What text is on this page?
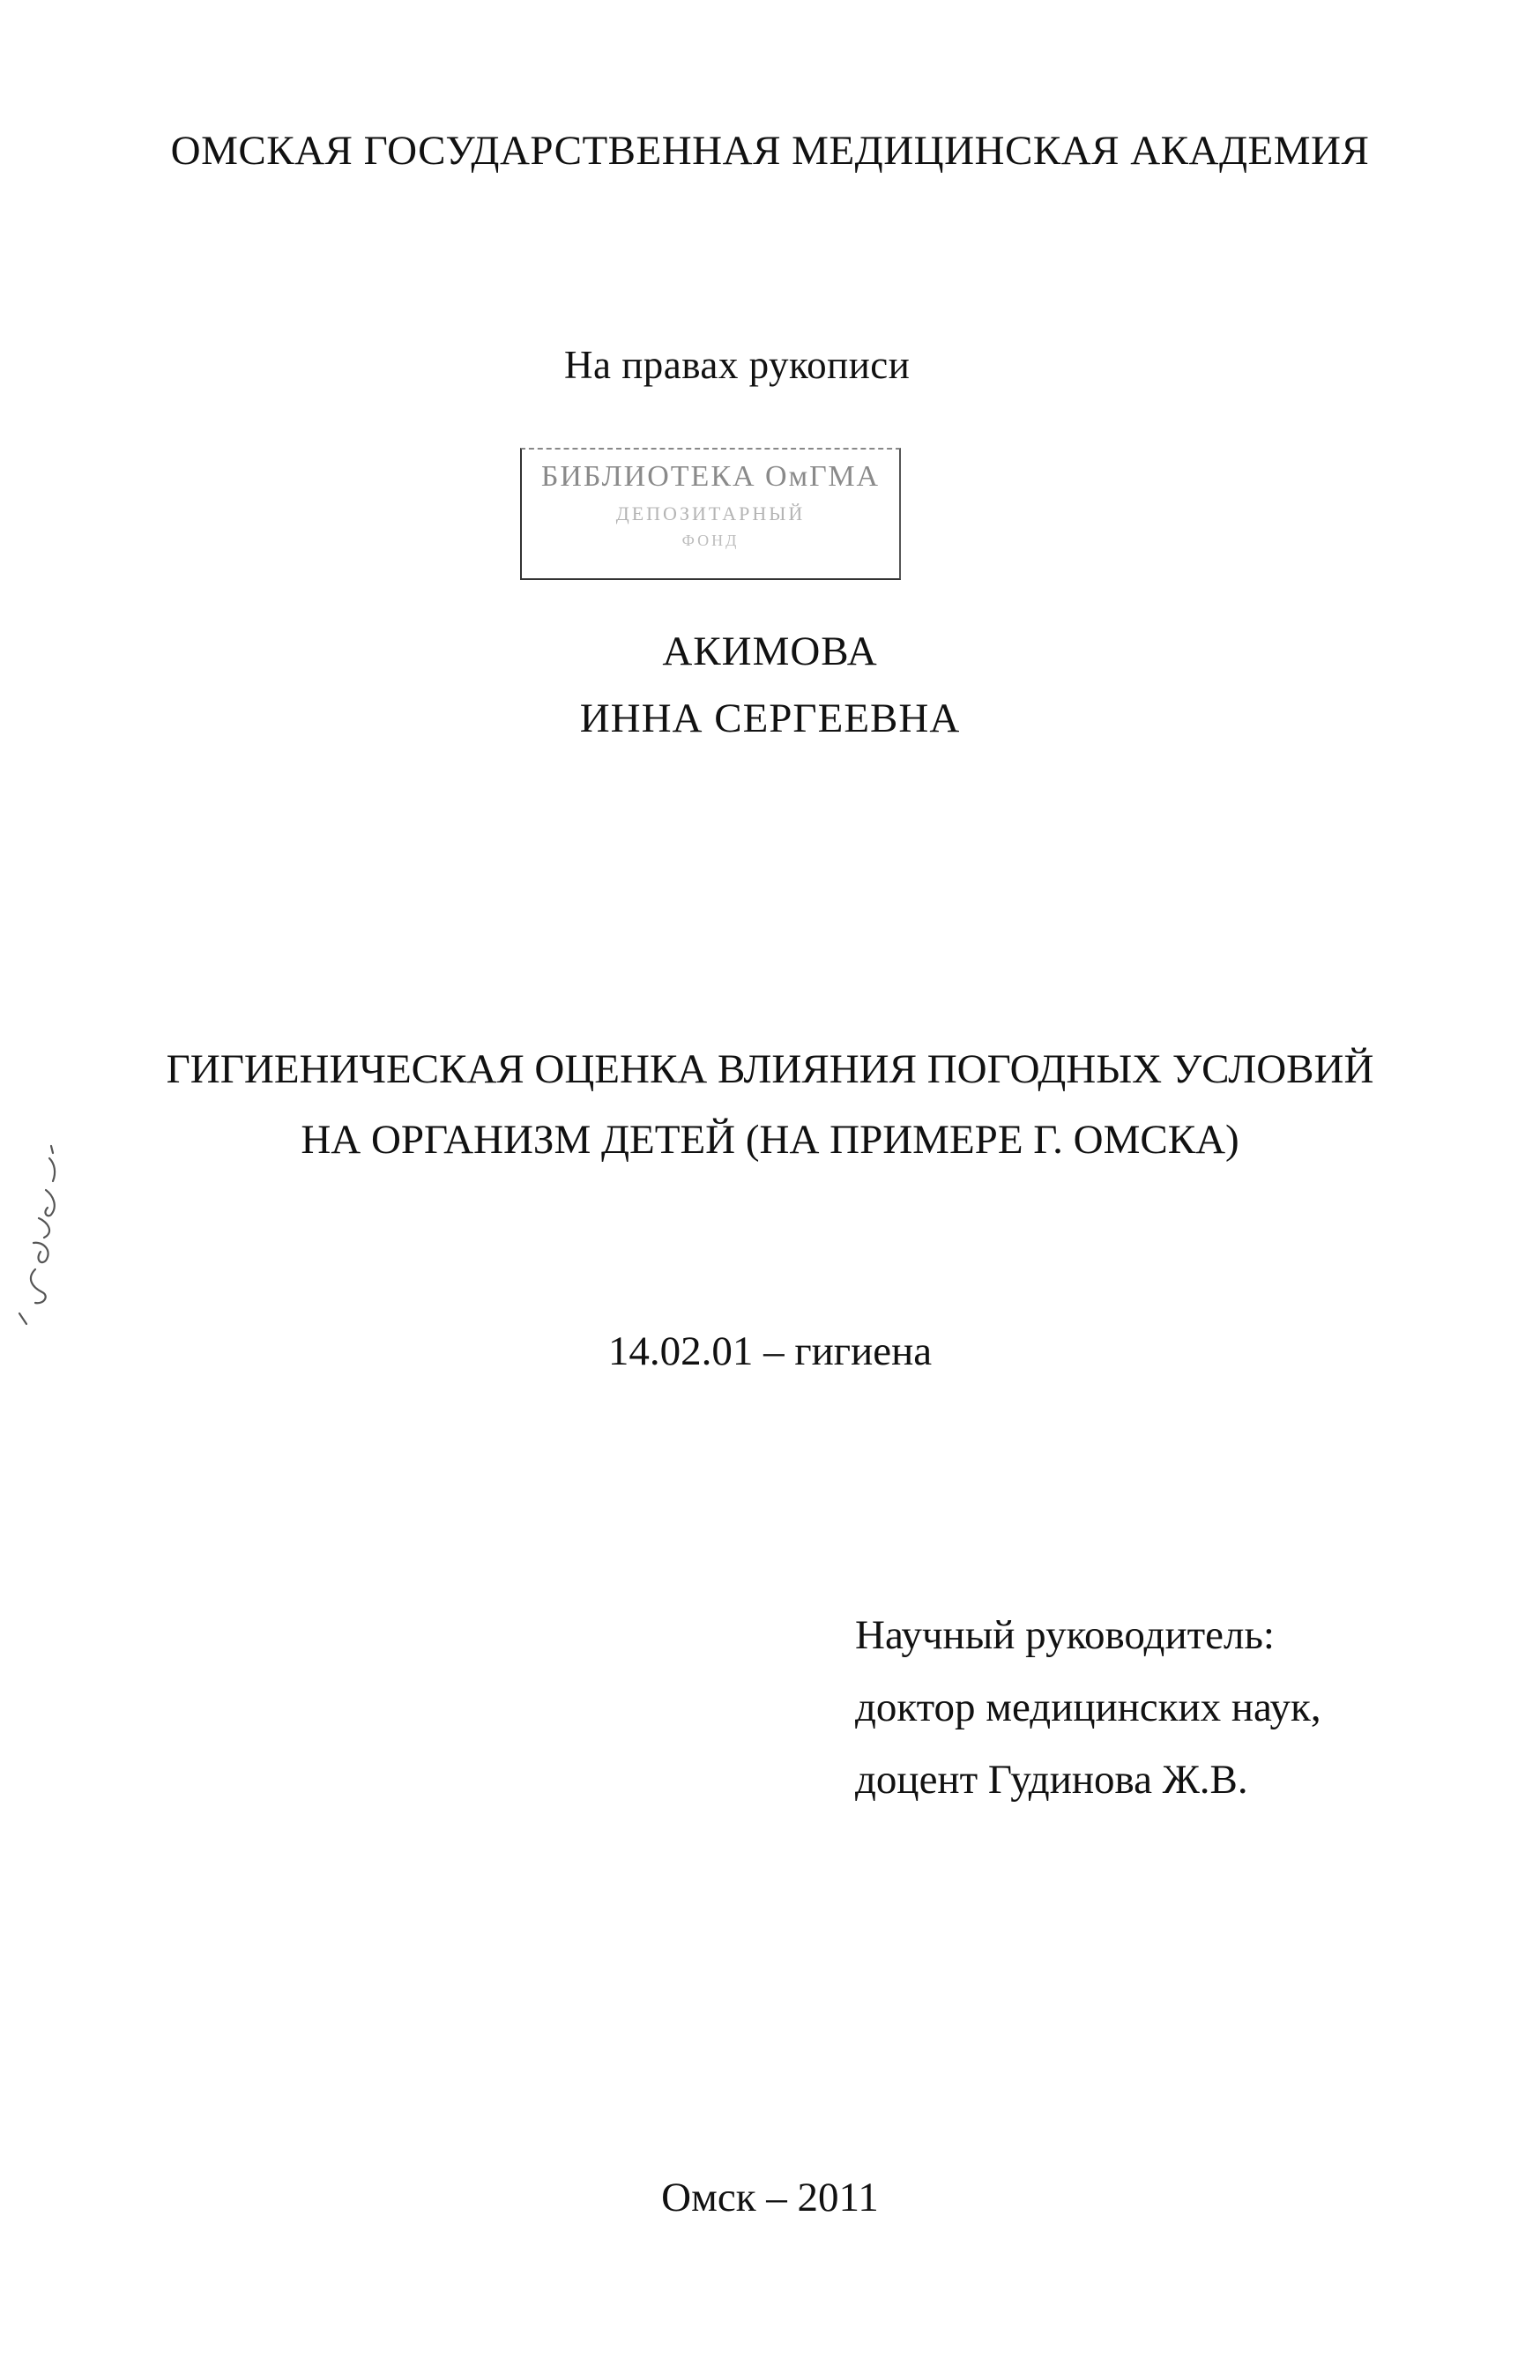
ОМСКАЯ ГОСУДАРСТВЕННАЯ МЕДИЦИНСКАЯ АКАДЕМИЯ
На правах рукописи
БИБЛИОТЕКА ОмГМА
ДЕПОЗИТАРНЫЙ
ФОНД
АКИМОВА
ИННА СЕРГЕЕВНА
ГИГИЕНИЧЕСКАЯ ОЦЕНКА ВЛИЯНИЯ ПОГОДНЫХ УСЛОВИЙ
НА ОРГАНИЗМ ДЕТЕЙ (НА ПРИМЕРЕ Г. ОМСКА)
14.02.01 – гигиена
Научный руководитель:
доктор медицинских наук,
доцент Гудинова Ж.В.
Омск – 2011
